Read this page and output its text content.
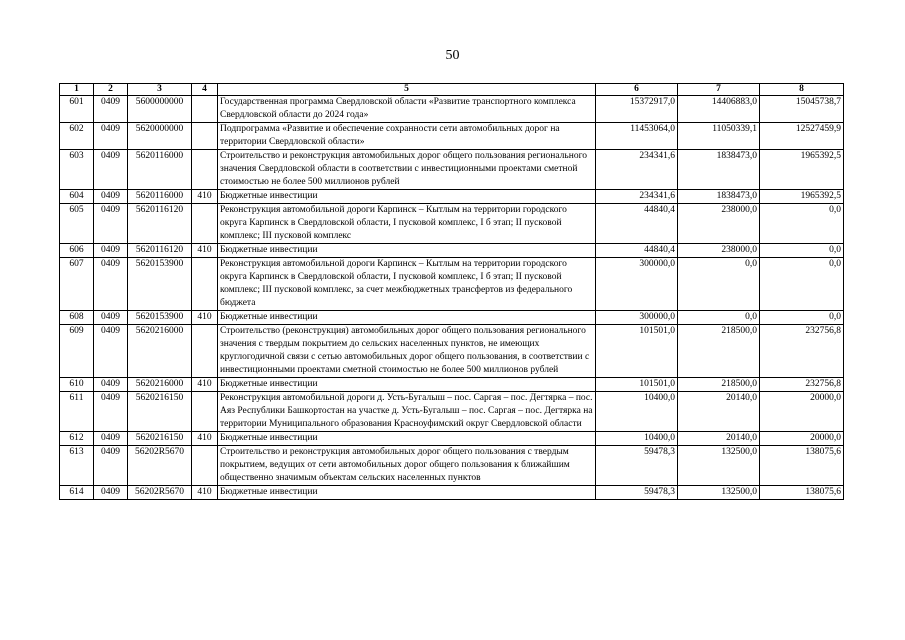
50
1	2	3	4	5	6	7	8
601	0409	5600000000		Государственная программа Свердловской области «Развитие транспортного комплекса Свердловской области до 2024 года»	15372917,0	14406883,0	15045738,7
602	0409	5620000000		Подпрограмма «Развитие и обеспечение сохранности сети автомобильных дорог на территории Свердловской области»	11453064,0	11050339,1	12527459,9
603	0409	5620116000		Строительство и реконструкция автомобильных дорог общего пользования регионального значения Свердловской области в соответствии с инвестиционными проектами сметной стоимостью не более 500 миллионов рублей	234341,6	1838473,0	1965392,5
604	0409	5620116000	410	Бюджетные инвестиции	234341,6	1838473,0	1965392,5
605	0409	5620116120		Реконструкция автомобильной дороги Карпинск – Кытлым на территории городского округа Карпинск в Свердловской области, I пусковой комплекс, I б этап; II пусковой комплекс; III пусковой комплекс	44840,4	238000,0	0,0
606	0409	5620116120	410	Бюджетные инвестиции	44840,4	238000,0	0,0
607	0409	5620153900		Реконструкция автомобильной дороги Карпинск – Кытлым на территории городского округа Карпинск в Свердловской области, I пусковой комплекс, I б этап; II пусковой комплекс; III пусковой комплекс, за счет межбюджетных трансфертов из федерального бюджета	300000,0	0,0	0,0
608	0409	5620153900	410	Бюджетные инвестиции	300000,0	0,0	0,0
609	0409	5620216000		Строительство (реконструкция) автомобильных дорог общего пользования регионального значения с твердым покрытием до сельских населенных пунктов, не имеющих круглогодичной связи с сетью автомобильных дорог общего пользования, в соответствии с инвестиционными проектами сметной стоимостью не более 500 миллионов рублей	101501,0	218500,0	232756,8
610	0409	5620216000	410	Бюджетные инвестиции	101501,0	218500,0	232756,8
611	0409	5620216150		Реконструкция автомобильной дороги д. Усть-Бугалыш – пос. Саргая – пос. Дегтярка – пос. Аяз Республики Башкортостан на участке д. Усть-Бугалыш – пос. Саргая – пос. Дегтярка на территории Муниципального образования Красноуфимский округ Свердловской области	10400,0	20140,0	20000,0
612	0409	5620216150	410	Бюджетные инвестиции	10400,0	20140,0	20000,0
613	0409	56202R5670		Строительство и реконструкция автомобильных дорог общего пользования с твердым покрытием, ведущих от сети автомобильных дорог общего пользования к ближайшим общественно значимым объектам сельских населенных пунктов	59478,3	132500,0	138075,6
614	0409	56202R5670	410	Бюджетные инвестиции	59478,3	132500,0	138075,6
